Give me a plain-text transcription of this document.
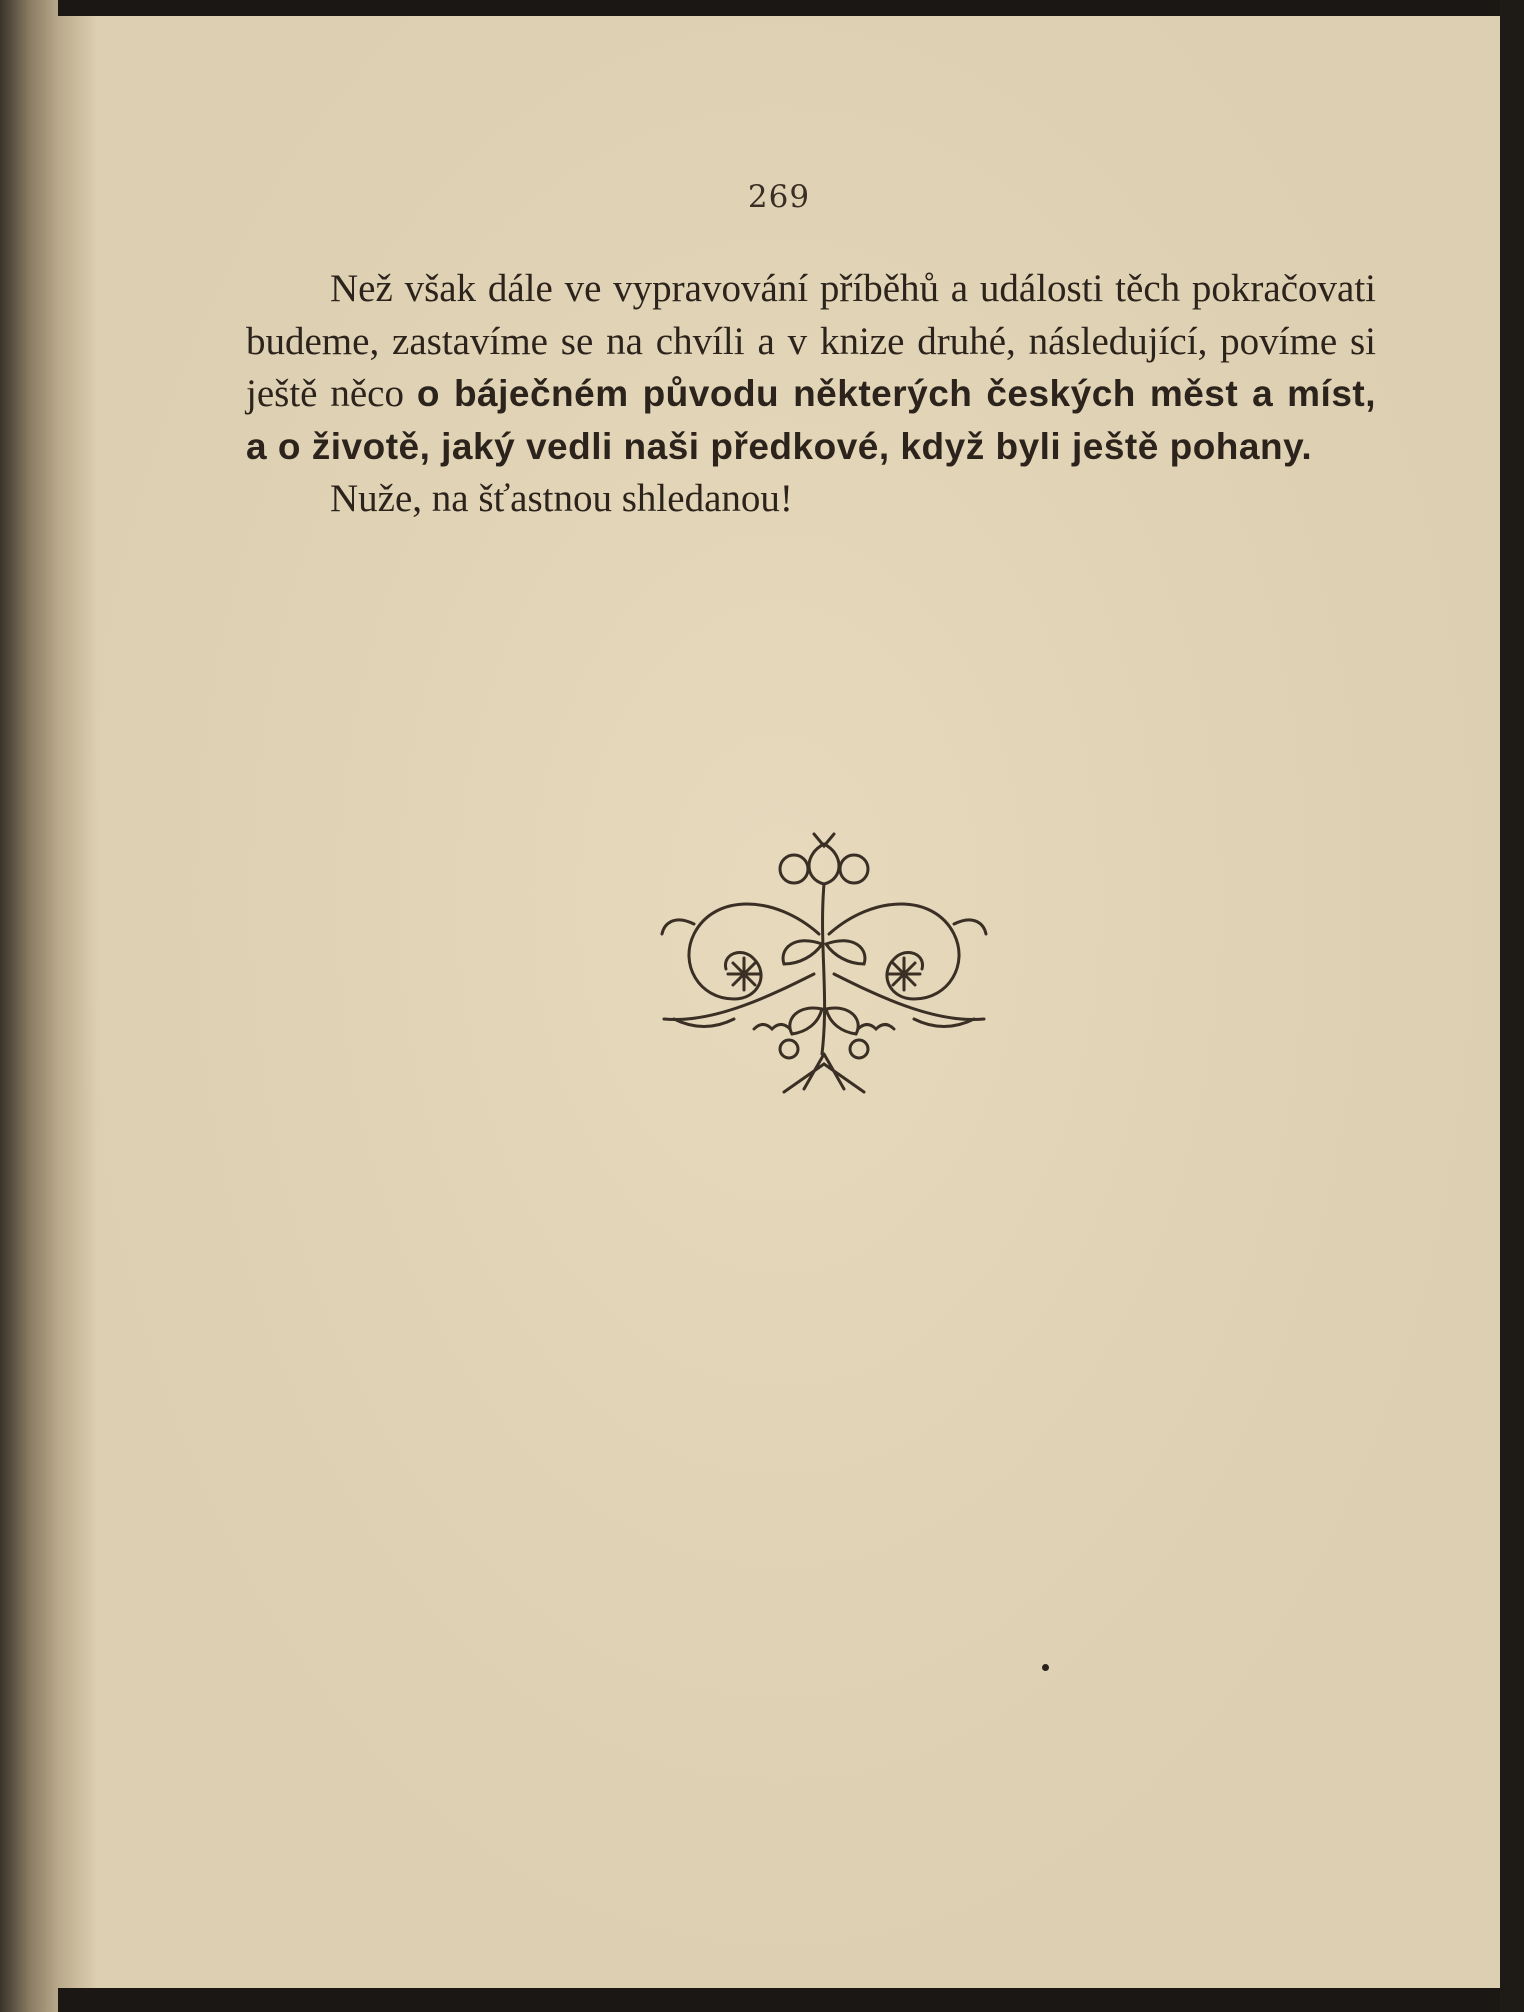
269

Než však dále ve vypravování příběhů a události těch pokračovati budeme, zastavíme se na chvíli a v knize druhé, následující, povíme si ještě něco o báječném původu některých českých měst a míst, a o životě, jaký vedli naši předkové, když byli ještě pohany.

Nuže, na šťastnou shledanou!
